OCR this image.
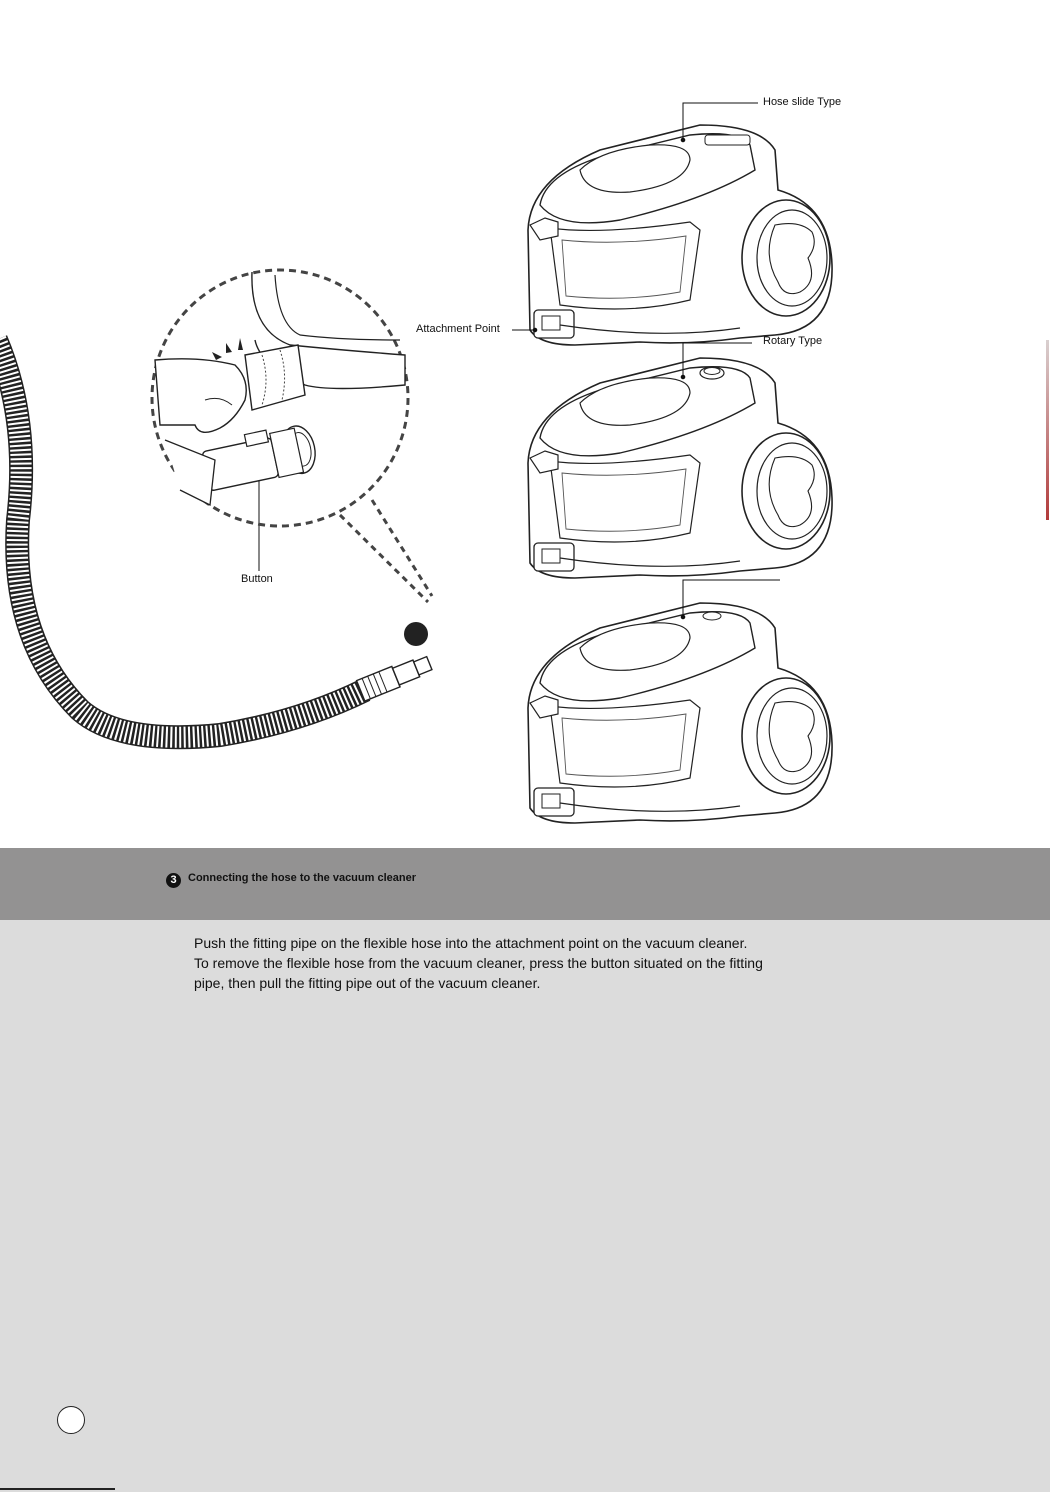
Hose slide Type
Attachment Point
Rotary Type
Button
3	Connecting the hose to the vacuum cleaner
Push the fitting pipe on the flexible hose into the attachment point on the vacuum cleaner.
To remove the flexible hose from the vacuum cleaner, press the button situated on the fitting
pipe, then pull the fitting pipe out of the vacuum cleaner.
